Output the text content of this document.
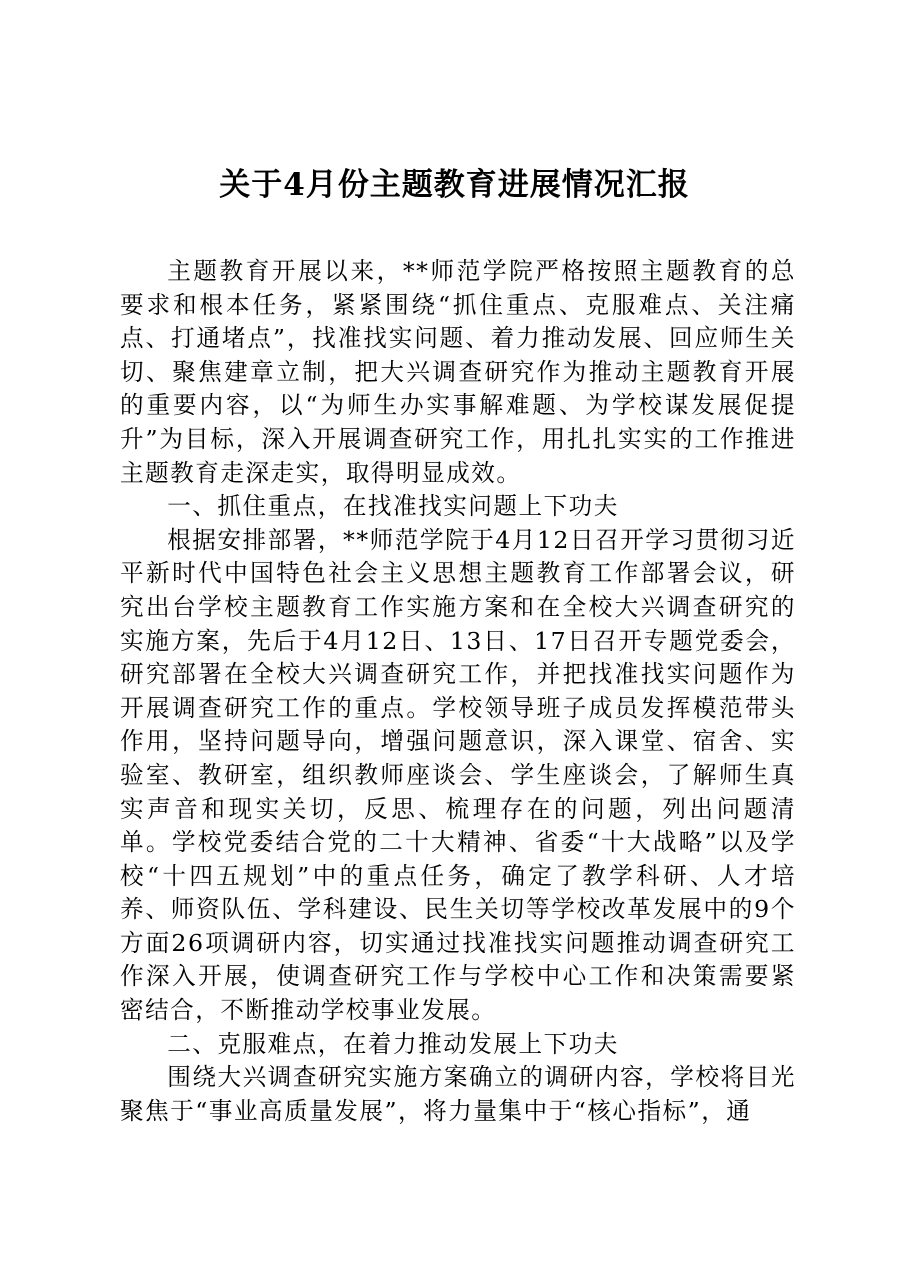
关于4月份主题教育进展情况汇报

主题教育开展以来，**师范学院严格按照主题教育的总要求和根本任务，紧紧围绕“抓住重点、克服难点、关注痛点、打通堵点”，找准找实问题、着力推动发展、回应师生关切、聚焦建章立制，把大兴调查研究作为推动主题教育开展的重要内容，以“为师生办实事解难题、为学校谋发展促提升”为目标，深入开展调查研究工作，用扎扎实实的工作推进主题教育走深走实，取得明显成效。

一、抓住重点，在找准找实问题上下功夫

根据安排部署，**师范学院于4月12日召开学习贯彻习近平新时代中国特色社会主义思想主题教育工作部署会议，研究出台学校主题教育工作实施方案和在全校大兴调查研究的实施方案，先后于4月12日、13日、17日召开专题党委会，研究部署在全校大兴调查研究工作，并把找准找实问题作为开展调查研究工作的重点。学校领导班子成员发挥模范带头作用，坚持问题导向，增强问题意识，深入课堂、宿舍、实验室、教研室，组织教师座谈会、学生座谈会，了解师生真实声音和现实关切，反思、梳理存在的问题，列出问题清单。学校党委结合党的二十大精神、省委“十大战略”以及学校“十四五规划”中的重点任务，确定了教学科研、人才培养、师资队伍、学科建设、民生关切等学校改革发展中的9个方面26项调研内容，切实通过找准找实问题推动调查研究工作深入开展，使调查研究工作与学校中心工作和决策需要紧密结合，不断推动学校事业发展。

二、克服难点，在着力推动发展上下功夫

围绕大兴调查研究实施方案确立的调研内容，学校将目光聚焦于“事业高质量发展”，将力量集中于“核心指标”，通
